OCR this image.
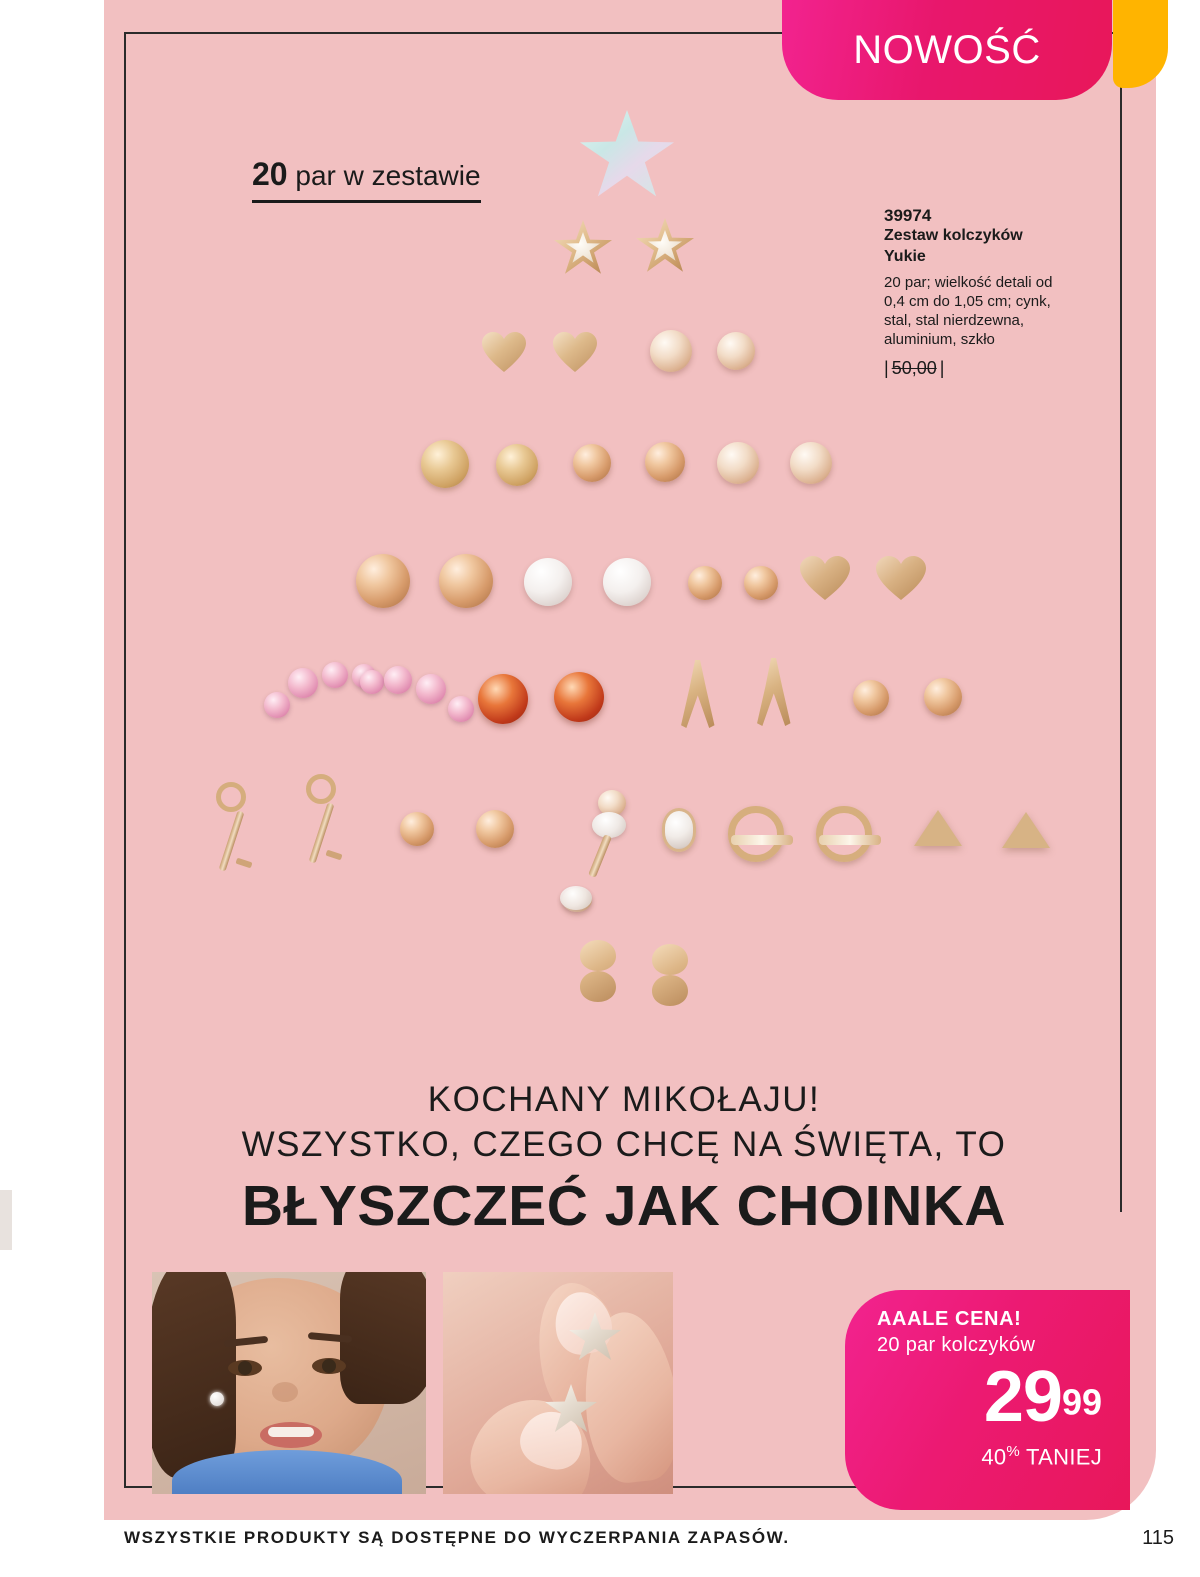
NOWOŚĆ
20 par w zestawie
39974
Zestaw kolczyków
Yukie
20 par; wielkość detali od 0,4 cm do 1,05 cm; cynk, stal, stal nierdzewna, aluminium, szkło
| 50,00 |
KOCHANY MIKOŁAJU!
WSZYSTKO, CZEGO CHCĘ NA ŚWIĘTA, TO
BŁYSZCZEĆ JAK CHOINKA
AAALE CENA!
20 par kolczyków
2999
40% TANIEJ
WSZYSTKIE PRODUKTY SĄ DOSTĘPNE DO WYCZERPANIA ZAPASÓW.	115
